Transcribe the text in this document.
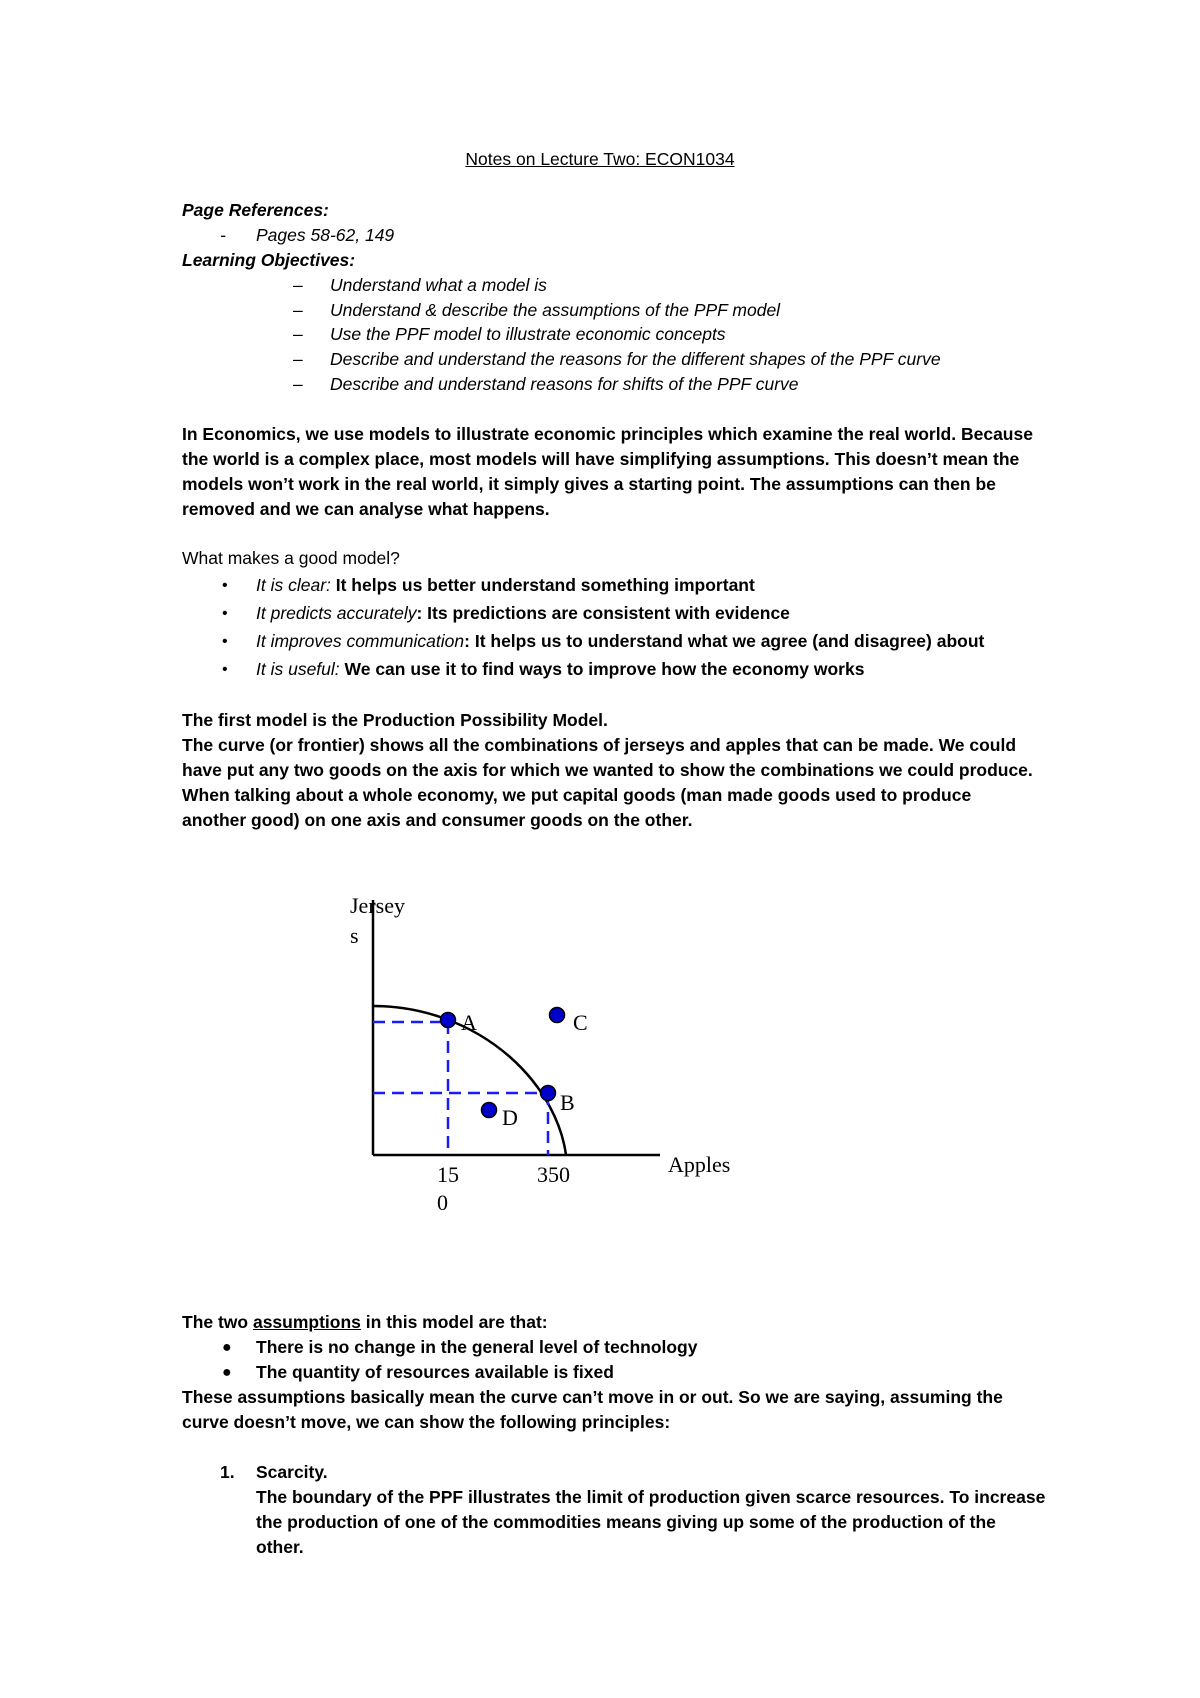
Notes on Lecture Two: ECON1034
Page References:
- Pages 58-62, 149
Learning Objectives:
– Understand what a model is
– Understand & describe the assumptions of the PPF model
– Use the PPF model to illustrate economic concepts
– Describe and understand the reasons for the different shapes of the PPF curve
– Describe and understand reasons for shifts of the PPF curve
In Economics, we use models to illustrate economic principles which examine the real world. Because
the world is a complex place, most models will have simplifying assumptions. This doesn’t mean the
models won’t work in the real world, it simply gives a starting point. The assumptions can then be
removed and we can analyse what happens.
What makes a good model?
• It is clear: It helps us better understand something important
• It predicts accurately: Its predictions are consistent with evidence
• It improves communication: It helps us to understand what we agree (and disagree) about
• It is useful: We can use it to find ways to improve how the economy works
The first model is the Production Possibility Model.
The curve (or frontier) shows all the combinations of jerseys and apples that can be made. We could
have put any two goods on the axis for which we wanted to show the combinations we could produce.
When talking about a whole economy, we put capital goods (man made goods used to produce
another good) on one axis and consumer goods on the other.
Jersey
s
A
B
C
D
Apples
15
0
350
The two assumptions in this model are that:
● There is no change in the general level of technology
● The quantity of resources available is fixed
These assumptions basically mean the curve can’t move in or out. So we are saying, assuming the
curve doesn’t move, we can show the following principles:
1. Scarcity.
The boundary of the PPF illustrates the limit of production given scarce resources. To increase
the production of one of the commodities means giving up some of the production of the
other.
